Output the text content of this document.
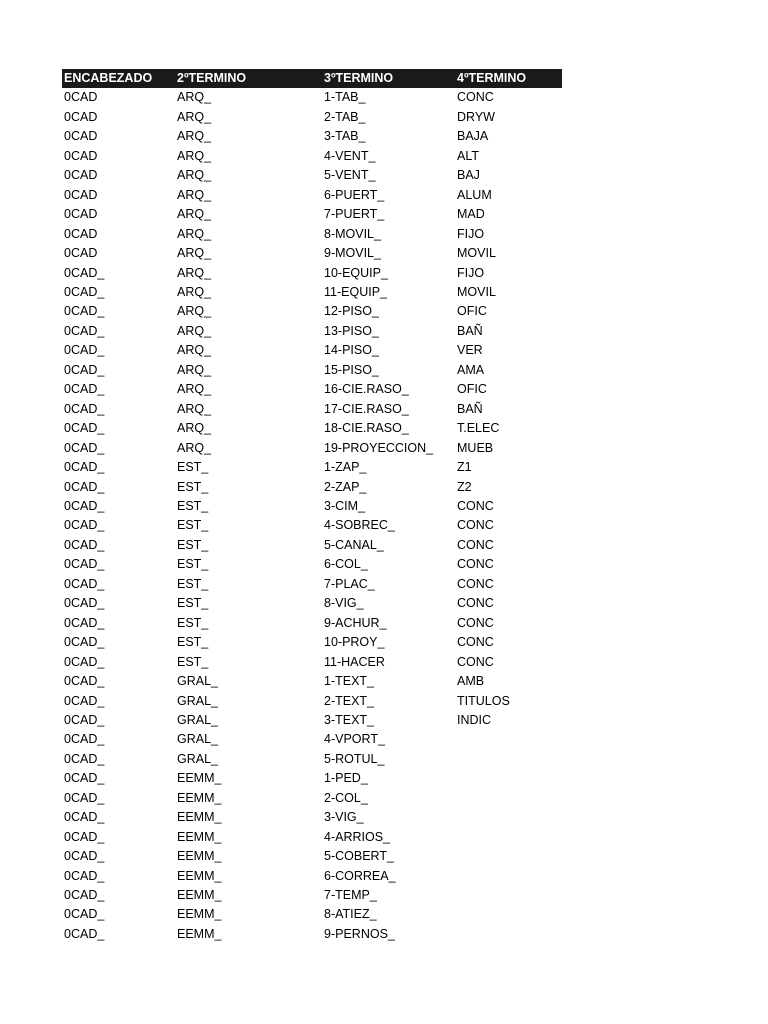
ENCABEZADO	2ºTERMINO	3ºTERMINO	4ºTERMINO
0CAD	ARQ_	1-TAB_	CONC
0CAD	ARQ_	2-TAB_	DRYW
0CAD	ARQ_	3-TAB_	BAJA
0CAD	ARQ_	4-VENT_	ALT
0CAD	ARQ_	5-VENT_	BAJ
0CAD	ARQ_	6-PUERT_	ALUM
0CAD	ARQ_	7-PUERT_	MAD
0CAD	ARQ_	8-MOVIL_	FIJO
0CAD	ARQ_	9-MOVIL_	MOVIL
0CAD_	ARQ_	10-EQUIP_	FIJO
0CAD_	ARQ_	11-EQUIP_	MOVIL
0CAD_	ARQ_	12-PISO_	OFIC
0CAD_	ARQ_	13-PISO_	BAÑ
0CAD_	ARQ_	14-PISO_	VER
0CAD_	ARQ_	15-PISO_	AMA
0CAD_	ARQ_	16-CIE.RASO_	OFIC
0CAD_	ARQ_	17-CIE.RASO_	BAÑ
0CAD_	ARQ_	18-CIE.RASO_	T.ELEC
0CAD_	ARQ_	19-PROYECCION_	MUEB
0CAD_	EST_	1-ZAP_	Z1
0CAD_	EST_	2-ZAP_	Z2
0CAD_	EST_	3-CIM_	CONC
0CAD_	EST_	4-SOBREC_	CONC
0CAD_	EST_	5-CANAL_	CONC
0CAD_	EST_	6-COL_	CONC
0CAD_	EST_	7-PLAC_	CONC
0CAD_	EST_	8-VIG_	CONC
0CAD_	EST_	9-ACHUR_	CONC
0CAD_	EST_	10-PROY_	CONC
0CAD_	EST_	11-HACER	CONC
0CAD_	GRAL_	1-TEXT_	AMB
0CAD_	GRAL_	2-TEXT_	TITULOS
0CAD_	GRAL_	3-TEXT_	INDIC
0CAD_	GRAL_	4-VPORT_	
0CAD_	GRAL_	5-ROTUL_	
0CAD_	EEMM_	1-PED_	
0CAD_	EEMM_	2-COL_	
0CAD_	EEMM_	3-VIG_	
0CAD_	EEMM_	4-ARRIOS_	
0CAD_	EEMM_	5-COBERT_	
0CAD_	EEMM_	6-CORREA_	
0CAD_	EEMM_	7-TEMP_	
0CAD_	EEMM_	8-ATIEZ_	
0CAD_	EEMM_	9-PERNOS_	
